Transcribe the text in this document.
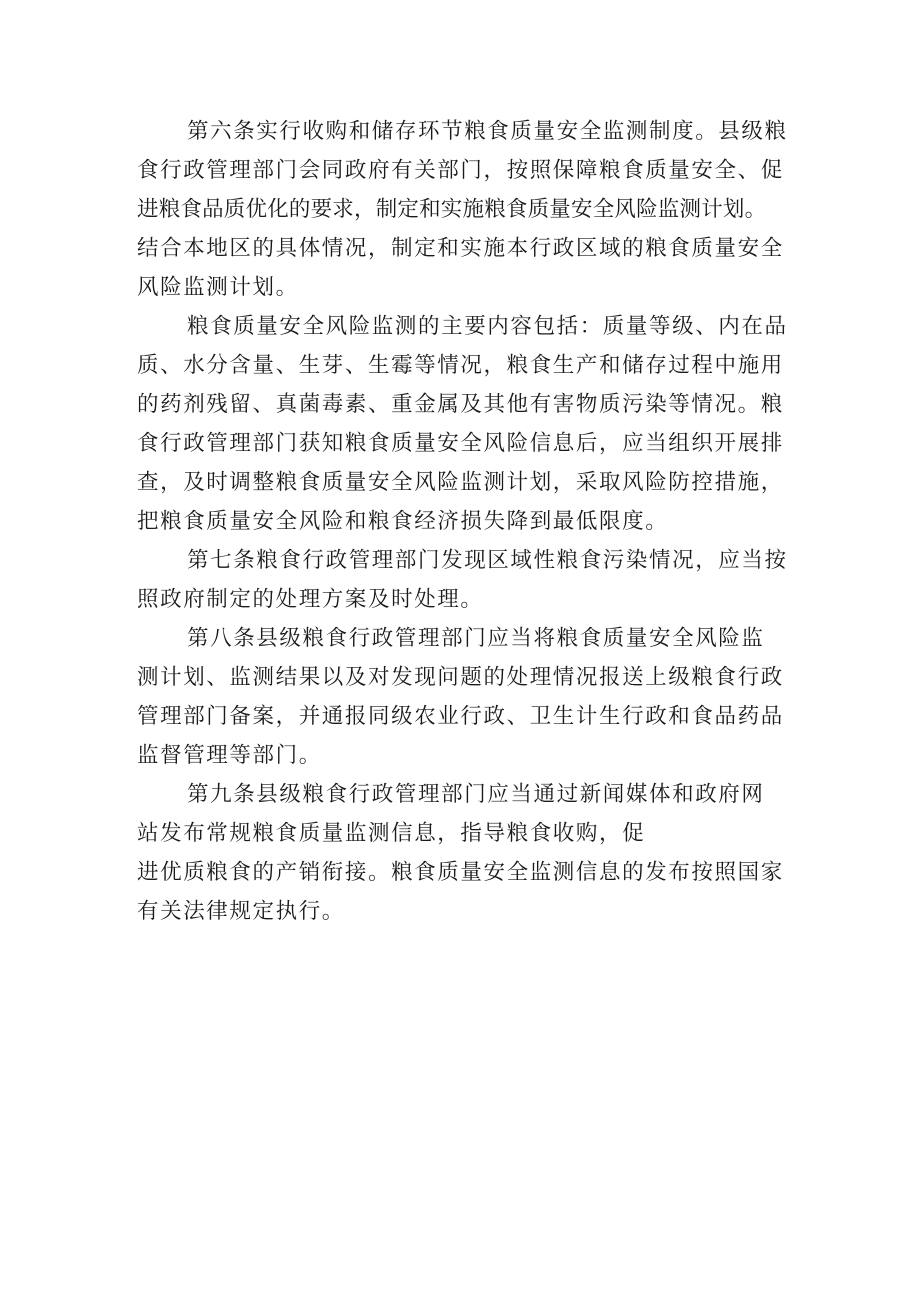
第六条实行收购和储存环节粮食质量安全监测制度。县级粮
食行政管理部门会同政府有关部门，按照保障粮食质量安全、促
进粮食品质优化的要求，制定和实施粮食质量安全风险监测计划。
结合本地区的具体情况，制定和实施本行政区域的粮食质量安全
风险监测计划。
粮食质量安全风险监测的主要内容包括：质量等级、内在品
质、水分含量、生芽、生霉等情况，粮食生产和储存过程中施用
的药剂残留、真菌毒素、重金属及其他有害物质污染等情况。粮
食行政管理部门获知粮食质量安全风险信息后，应当组织开展排
查，及时调整粮食质量安全风险监测计划，采取风险防控措施，
把粮食质量安全风险和粮食经济损失降到最低限度。
第七条粮食行政管理部门发现区域性粮食污染情况，应当按
照政府制定的处理方案及时处理。
第八条县级粮食行政管理部门应当将粮食质量安全风险监
测计划、监测结果以及对发现问题的处理情况报送上级粮食行政
管理部门备案，并通报同级农业行政、卫生计生行政和食品药品
监督管理等部门。
第九条县级粮食行政管理部门应当通过新闻媒体和政府网
站发布常规粮食质量监测信息，指导粮食收购，促
进优质粮食的产销衔接。粮食质量安全监测信息的发布按照国家
有关法律规定执行。
